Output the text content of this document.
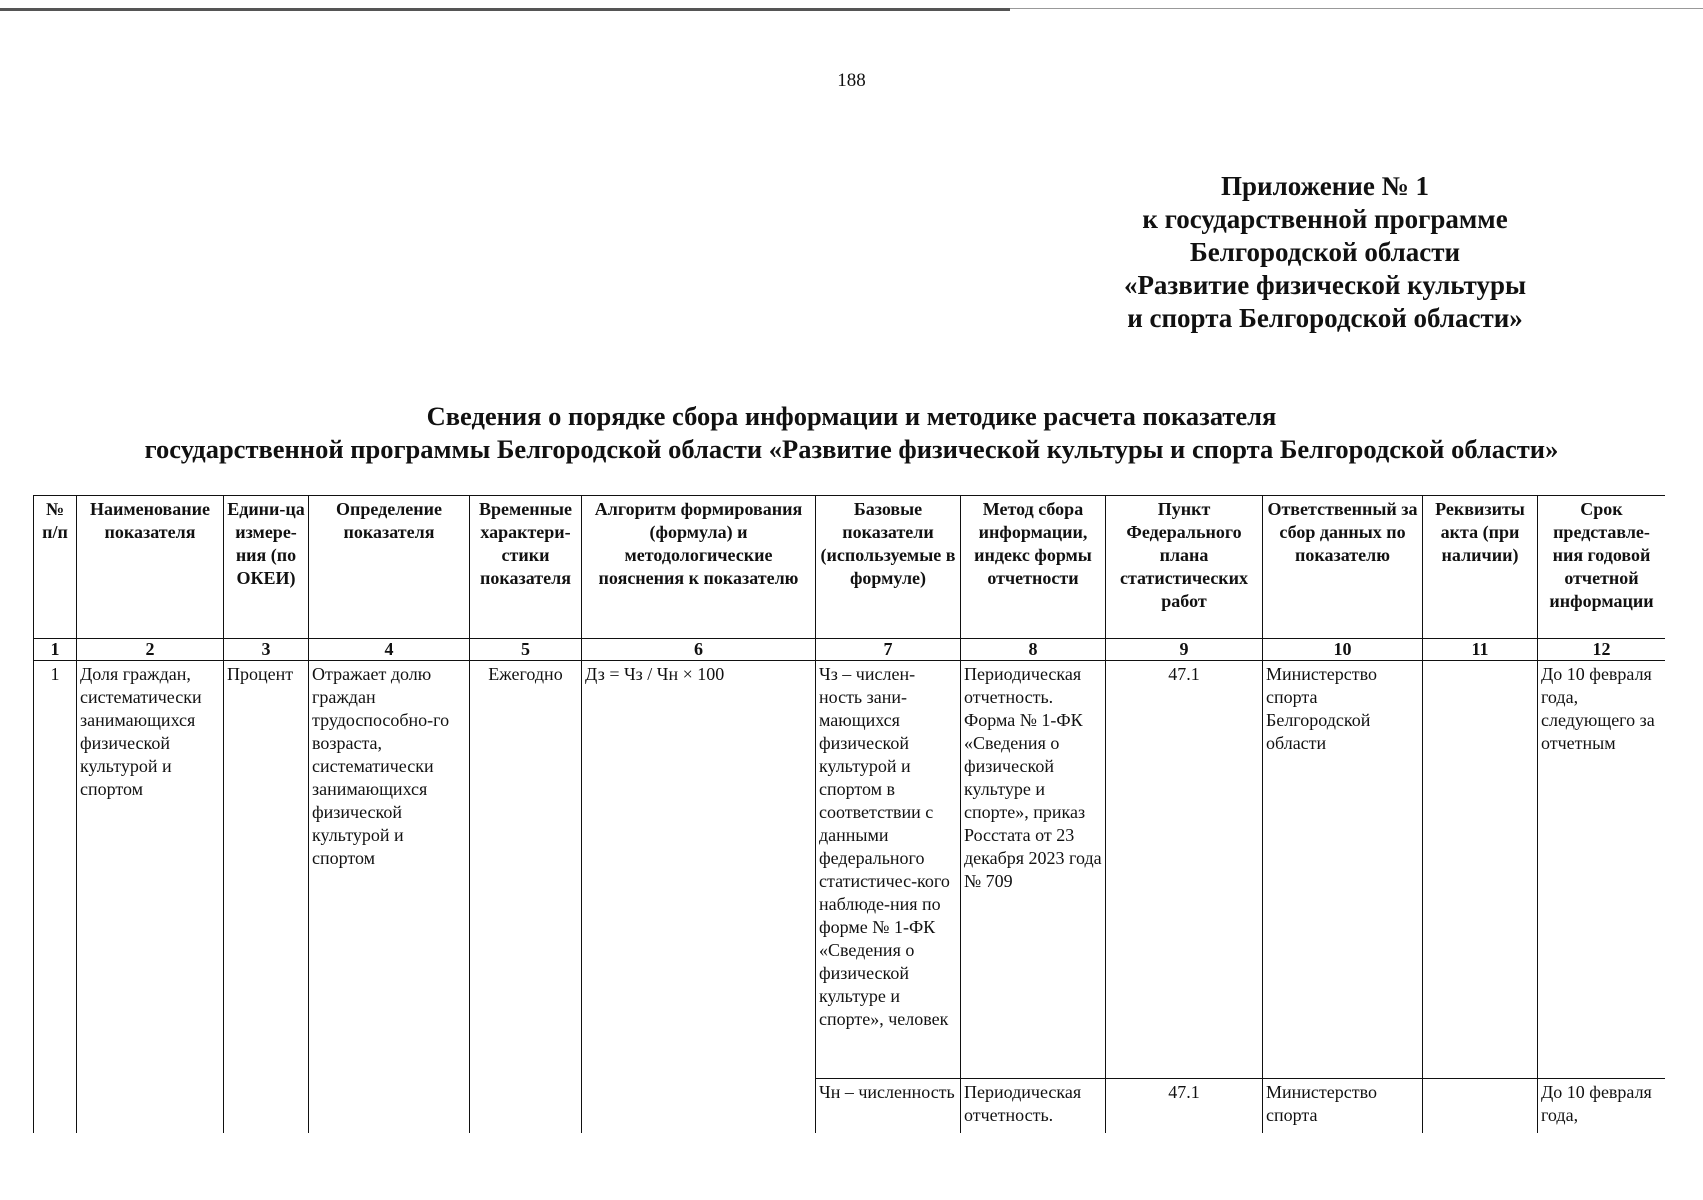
188
Приложение № 1
к государственной программе
Белгородской области
«Развитие физической культуры
и спорта Белгородской области»
Сведения о порядке сбора информации и методике расчета показателя
государственной программы Белгородской области «Развитие физической культуры и спорта Белгородской области»
№ п/п	Наименование показателя	Едини-ца измере-ния (по ОКЕИ)	Определение показателя	Временные характери-стики показателя	Алгоритм формирования (формула) и методологические пояснения к показателю	Базовые показатели (используемые в формуле)	Метод сбора информации, индекс формы отчетности	Пункт Федерального плана статистических работ	Ответственный за сбор данных по показателю	Реквизиты акта (при наличии)	Срок представле-ния годовой отчетной информации
1	2	3	4	5	6	7	8	9	10	11	12
1	Доля граждан, систематически занимающихся физической культурой и спортом	Процент	Отражает долю граждан трудоспособно-го возраста, систематически занимающихся физической культурой и спортом	Ежегодно	Дз = Чз / Чн × 100	Чз – числен-ность зани-мающихся физической культурой и спортом в соответствии с данными федерального статистичес-кого наблюде-ния по форме № 1-ФК «Сведения о физической культуре и спорте», человек	Периодическая отчетность. Форма № 1-ФК «Сведения о физической культуре и спорте», приказ Росстата от 23 декабря 2023 года № 709	47.1	Министерство спорта Белгородской области		До 10 февраля года, следующего за отчетным
						Чн – численность	Периодическая отчетность.	47.1	Министерство спорта		До 10 февраля года,
